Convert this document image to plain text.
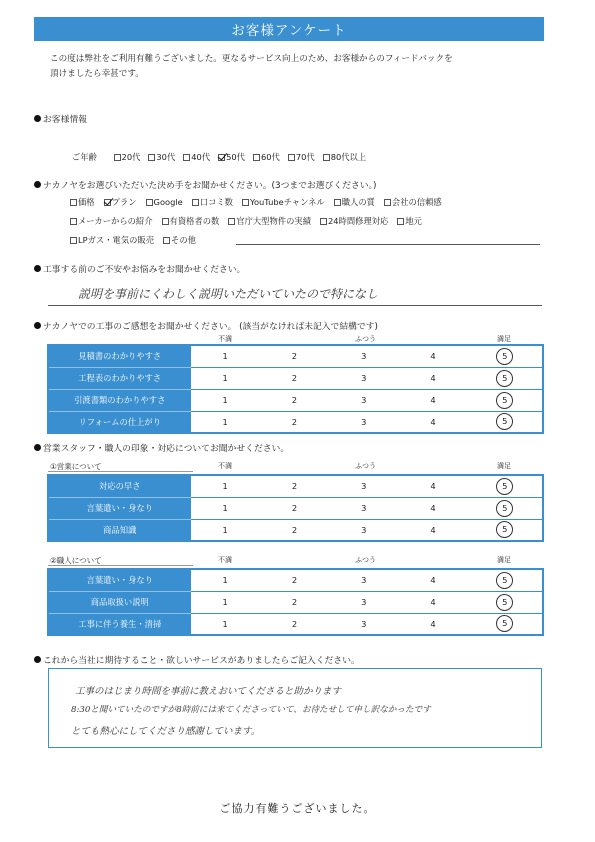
お客様アンケート
この度は弊社をご利用有難うございました。更なるサービス向上のため、お客様からのフィードバックを
頂けましたら幸甚です。
お客様情報
ご年齢	20代 30代 40代 50代 60代 70代 80代以上
ナカノヤをお選びいただいた決め手をお聞かせください。(3つまでお選びください。)
価格 プラン Google 口コミ数 YouTubeチャンネル 職人の質 会社の信頼感
メーカーからの紹介 有資格者の数 官庁大型物件の実績 24時間修理対応 地元
LPガス・電気の販売 その他
工事する前のご不安やお悩みをお聞かせください。
説明を事前にくわしく説明いただいていたので特になし
ナカノヤでの工事のご感想をお聞かせください。 (該当がなければ未記入で結構です)
不満	ふつう	満足
見積書のわかりやすさ	1	2	3	4	5
工程表のわかりやすさ	1	2	3	4	5
引渡書類のわかりやすさ	1	2	3	4	5
リフォームの仕上がり	1	2	3	4	5
営業スタッフ・職人の印象・対応についてお聞かせください。
①営業について	不満	ふつう	満足
対応の早さ	1	2	3	4	5
言葉遣い・身なり	1	2	3	4	5
商品知識	1	2	3	4	5
②職人について	不満	ふつう	満足
言葉遣い・身なり	1	2	3	4	5
商品取扱い説明	1	2	3	4	5
工事に伴う養生・清掃	1	2	3	4	5
これから当社に期待すること・欲しいサービスがありましたらご記入ください。
工事のはじまり時間を事前に教えおいてくださると助かります
8:30と聞いていたのですが8時前には来てくださっていて、お待たせして申し訳なかったです
とても熱心にしてくださり感謝しています。
ご協力有難うございました。
